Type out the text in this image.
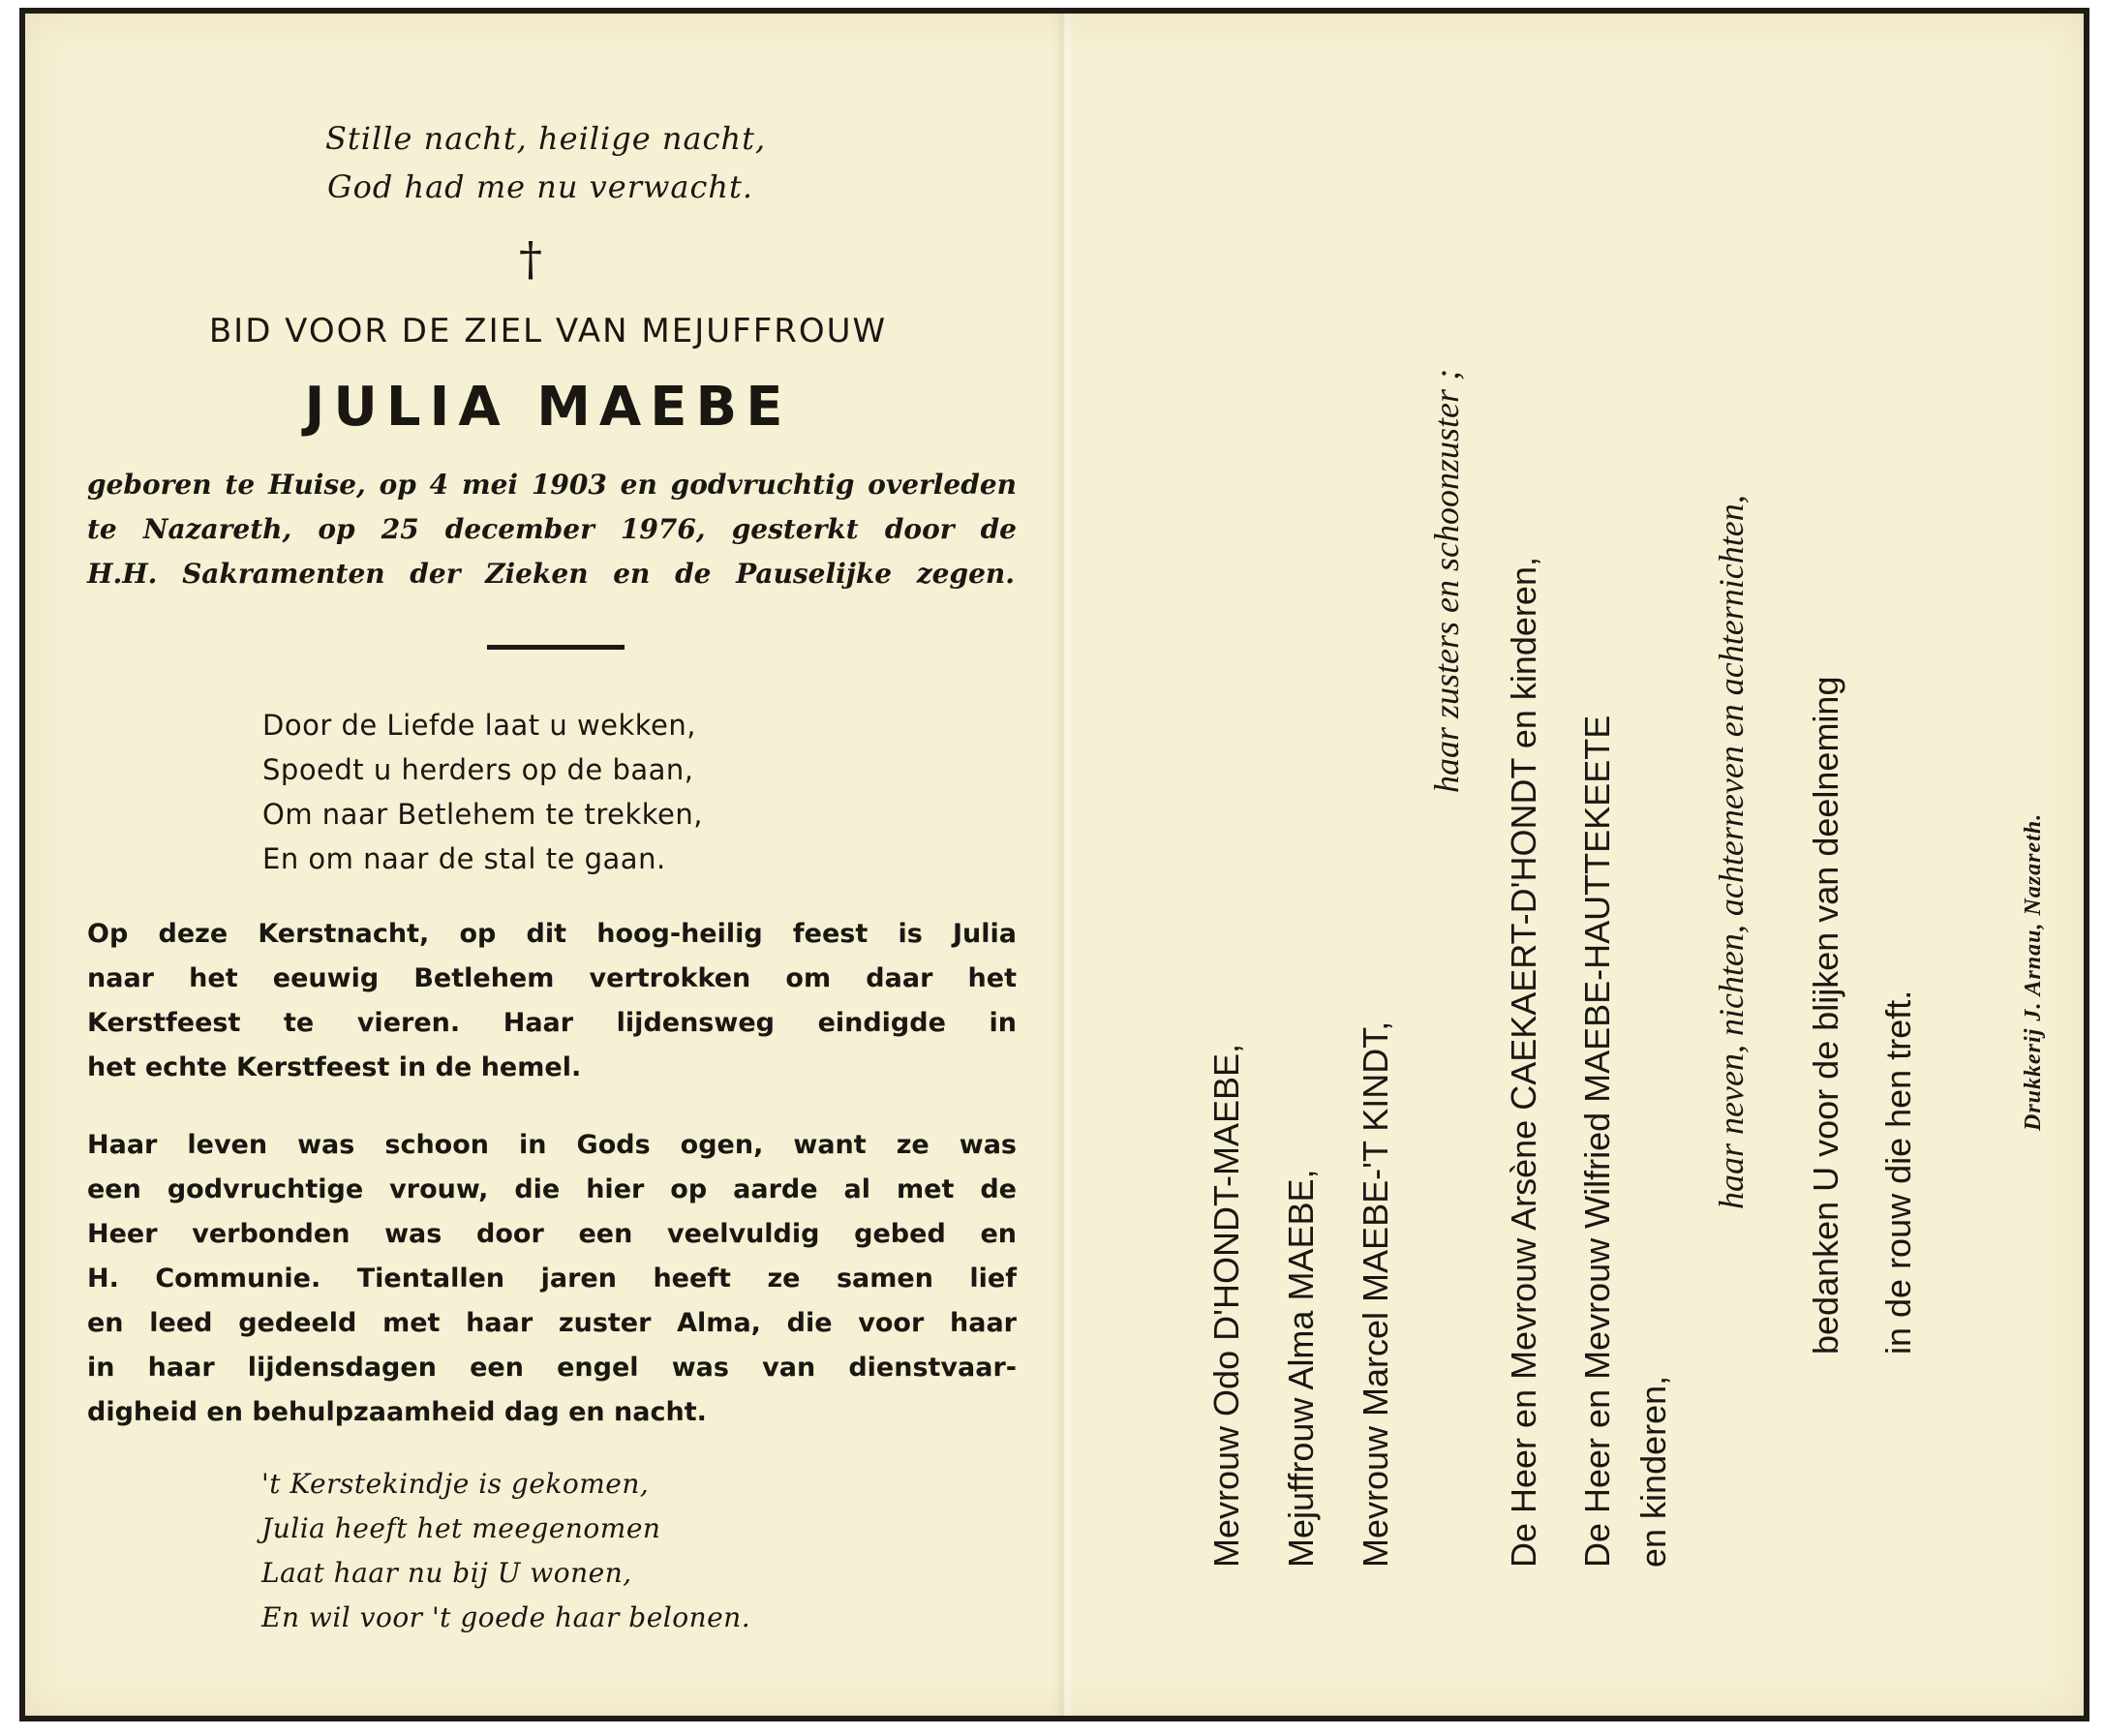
Stille nacht, heilige nacht,
God had me nu verwacht.
†
BID VOOR DE ZIEL VAN MEJUFFROUW
JULIA MAEBE
geboren te Huise, op 4 mei 1903 en godvruchtig overleden
te Nazareth, op 25 december 1976, gesterkt door de
H.H. Sakramenten der Zieken en de Pauselijke zegen.
Door de Liefde laat u wekken,
Spoedt u herders op de baan,
Om naar Betlehem te trekken,
En om naar de stal te gaan.
Op deze Kerstnacht, op dit hoog-heilig feest is Julia
naar het eeuwig Betlehem vertrokken om daar het
Kerstfeest te vieren. Haar lijdensweg eindigde in
het echte Kerstfeest in de hemel.
Haar leven was schoon in Gods ogen, want ze was
een godvruchtige vrouw, die hier op aarde al met de
Heer verbonden was door een veelvuldig gebed en
H. Communie. Tientallen jaren heeft ze samen lief
en leed gedeeld met haar zuster Alma, die voor haar
in haar lijdensdagen een engel was van dienstvaar-
digheid en behulpzaamheid dag en nacht.
't Kerstekindje is gekomen,
Julia heeft het meegenomen
Laat haar nu bij U wonen,
En wil voor 't goede haar belonen.
Mevrouw Odo D'HONDT-MAEBE, Mejuffrouw Alma MAEBE, Mevrouw Marcel MAEBE-'T KINDT,
haar zusters en schoonzuster ; De Heer en Mevrouw Arsène CAEKAERT-D'HONDT en kinderen, De Heer en Mevrouw Wilfried MAEBE-HAUTTEKEETE en kinderen,
haar neven, nichten, achterneven en achternichten, bedanken U voor de blijken van deelneming in de rouw die hen treft.
Drukkerij J. Arnau, Nazareth.
